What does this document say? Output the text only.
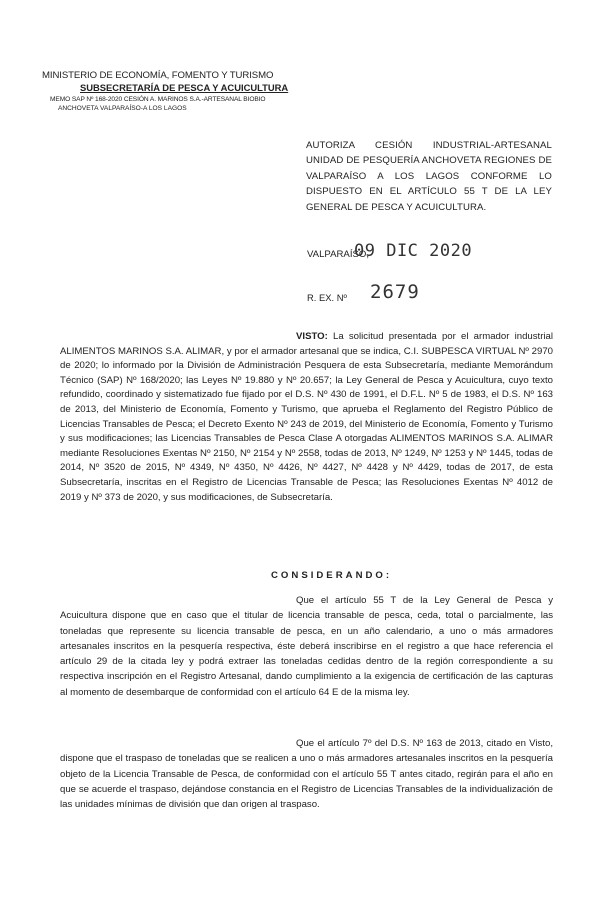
MINISTERIO DE ECONOMÍA, FOMENTO Y TURISMO
SUBSECRETARÍA DE PESCA Y ACUICULTURA
MEMO SAP Nº 168-2020 CESIÓN A. MARINOS S.A.-ARTESANAL BIOBIO
ANCHOVETA VALPARAÍSO-A LOS LAGOS
AUTORIZA CESIÓN INDUSTRIAL-ARTESANAL UNIDAD DE PESQUERÍA ANCHOVETA REGIONES DE VALPARAÍSO A LOS LAGOS CONFORME LO DISPUESTO EN EL ARTÍCULO 55 T DE LA LEY GENERAL DE PESCA Y ACUICULTURA.
VALPARAÍSO,
09 DIC 2020
R. EX. Nº 2679
VISTO: La solicitud presentada por el armador industrial ALIMENTOS MARINOS S.A. ALIMAR, y por el armador artesanal que se indica, C.I. SUBPESCA VIRTUAL Nº 2970 de 2020; lo informado por la División de Administración Pesquera de esta Subsecretaría, mediante Memorándum Técnico (SAP) Nº 168/2020; las Leyes Nº 19.880 y Nº 20.657; la Ley General de Pesca y Acuicultura, cuyo texto refundido, coordinado y sistematizado fue fijado por el D.S. Nº 430 de 1991, el D.F.L. Nº 5 de 1983, el D.S. Nº 163 de 2013, del Ministerio de Economía, Fomento y Turismo, que aprueba el Reglamento del Registro Público de Licencias Transables de Pesca; el Decreto Exento Nº 243 de 2019, del Ministerio de Economía, Fomento y Turismo y sus modificaciones; las Licencias Transables de Pesca Clase A otorgadas ALIMENTOS MARINOS S.A. ALIMAR mediante Resoluciones Exentas Nº 2150, Nº 2154 y Nº 2558, todas de 2013, Nº 1249, Nº 1253 y Nº 1445, todas de 2014, Nº 3520 de 2015, Nº 4349, Nº 4350, Nº 4426, Nº 4427, Nº 4428 y Nº 4429, todas de 2017, de esta Subsecretaría, inscritas en el Registro de Licencias Transable de Pesca; las Resoluciones Exentas Nº 4012 de 2019 y Nº 373 de 2020, y sus modificaciones, de Subsecretaría.
CONSIDERANDO:
Que el artículo 55 T de la Ley General de Pesca y Acuicultura dispone que en caso que el titular de licencia transable de pesca, ceda, total o parcialmente, las toneladas que represente su licencia transable de pesca, en un año calendario, a uno o más armadores artesanales inscritos en la pesquería respectiva, éste deberá inscribirse en el registro a que hace referencia el artículo 29 de la citada ley y podrá extraer las toneladas cedidas dentro de la región correspondiente a su respectiva inscripción en el Registro Artesanal, dando cumplimiento a la exigencia de certificación de las capturas al momento de desembarque de conformidad con el artículo 64 E de la misma ley.
Que el artículo 7º del D.S. Nº 163 de 2013, citado en Visto, dispone que el traspaso de toneladas que se realicen a uno o más armadores artesanales inscritos en la pesquería objeto de la Licencia Transable de Pesca, de conformidad con el artículo 55 T antes citado, regirán para el año en que se acuerde el traspaso, dejándose constancia en el Registro de Licencias Transables de la individualización de las unidades mínimas de división que dan origen al traspaso.
